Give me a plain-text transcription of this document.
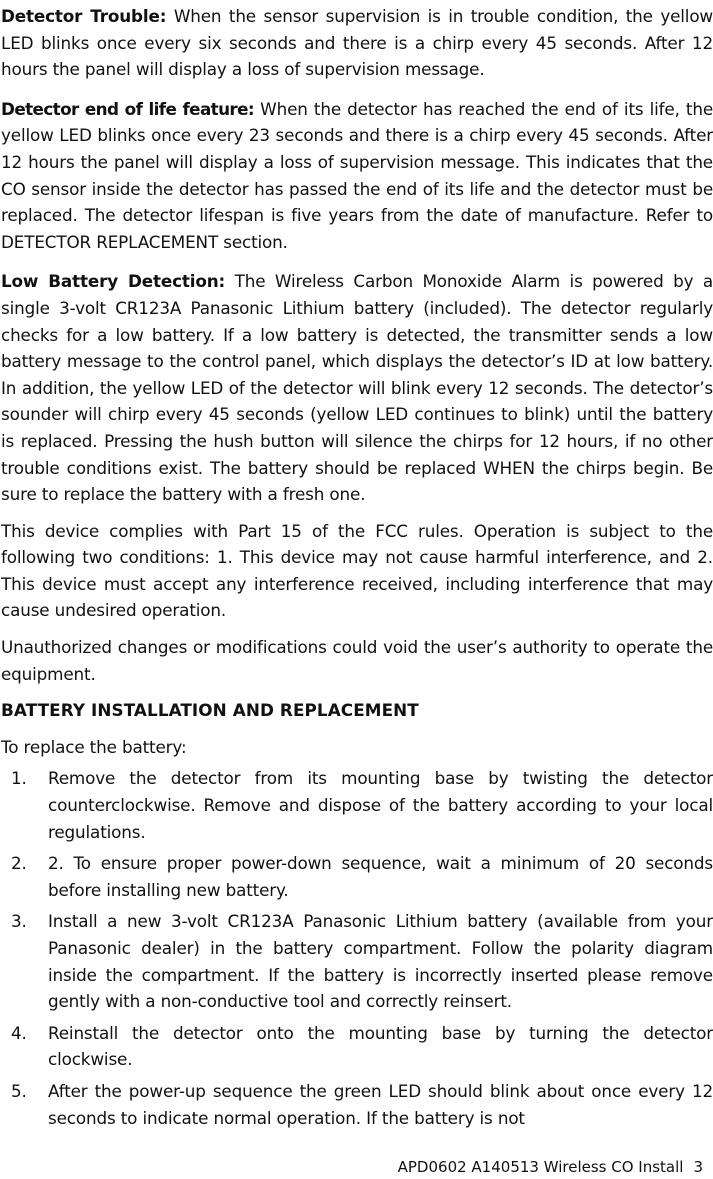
Detector Trouble: When the sensor supervision is in trouble condition, the yellow LED blinks once every six seconds and there is a chirp every 45 seconds. After 12 hours the panel will display a loss of supervision message.

Detector end of life feature: When the detector has reached the end of its life, the yellow LED blinks once every 23 seconds and there is a chirp every 45 seconds. After 12 hours the panel will display a loss of supervision message. This indicates that the CO sensor inside the detector has passed the end of its life and the detector must be replaced. The detector lifespan is five years from the date of manufacture. Refer to DETECTOR REPLACEMENT section.

Low Battery Detection: The Wireless Carbon Monoxide Alarm is powered by a single 3-volt CR123A Panasonic Lithium battery (included). The detector regularly checks for a low battery. If a low battery is detected, the transmitter sends a low battery message to the control panel, which displays the detector’s ID at low battery. In addition, the yellow LED of the detector will blink every 12 seconds. The detector’s sounder will chirp every 45 seconds (yellow LED continues to blink) until the battery is replaced. Pressing the hush button will silence the chirps for 12 hours, if no other trouble conditions exist. The battery should be replaced WHEN the chirps begin. Be sure to replace the battery with a fresh one.

This device complies with Part 15 of the FCC rules. Operation is subject to the following two conditions: 1. This device may not cause harmful interference, and 2. This device must accept any interference received, including interference that may cause undesired operation.

Unauthorized changes or modifications could void the user’s authority to operate the equipment.

BATTERY INSTALLATION AND REPLACEMENT

To replace the battery:

1. Remove the detector from its mounting base by twisting the detector counterclockwise. Remove and dispose of the battery according to your local regulations.
2. 2. To ensure proper power-down sequence, wait a minimum of 20 seconds before installing new battery.
3. Install a new 3-volt CR123A Panasonic Lithium battery (available from your Panasonic dealer) in the battery compartment. Follow the polarity diagram inside the compartment. If the battery is incorrectly inserted please remove gently with a non-conductive tool and correctly reinsert.
4. Reinstall the detector onto the mounting base by turning the detector clockwise.
5. After the power-up sequence the green LED should blink about once every 12 seconds to indicate normal operation. If the battery is not
APD0602 A140513 Wireless CO Install 3
